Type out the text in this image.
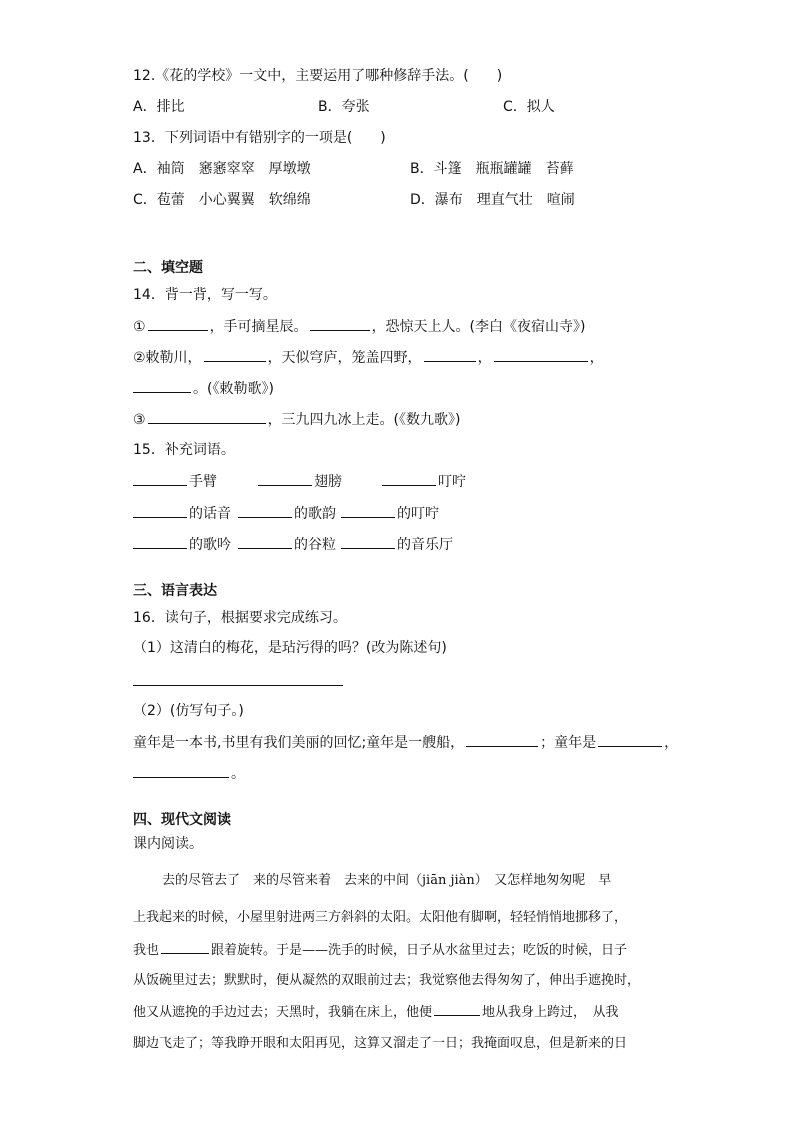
12.《花的学校》一文中，主要运用了哪种修辞手法。(　　)
A．排比	B．夸张	C．拟人
13．下列词语中有错别字的一项是(　　)
A．袖筒　窸窸窣窣　厚墩墩	B．斗篷　瓶瓶罐罐　苔藓
C．苞蕾　小心翼翼　软绵绵	D．瀑布　理直气壮　喧闹
二、填空题
14．背一背，写一写。
①	，手可摘星辰。	，恐惊天上人。(李白《夜宿山寺》)
②敕勒川，	，天似穹庐，笼盖四野，	，	，
。(《敕勒歌》)
③	，三九四九冰上走。(《数九歌》)
15．补充词语。
手臂	翅膀	叮咛
的话音	的歌韵	的叮咛
的歌吟	的谷粒	的音乐厅
三、语言表达
16．读句子，根据要求完成练习。
（1）这清白的梅花，是玷污得的吗？(改为陈述句)
（2）(仿写句子。)
童年是一本书,书里有我们美丽的回忆;童年是一艘船，	；童年是	，
。
四、现代文阅读
课内阅读。
去的尽管去了　来的尽管来着　去来的中间（jiān jiàn）　又怎样地匆匆呢　早
上我起来的时候，小屋里射进两三方斜斜的太阳。太阳他有脚啊，轻轻悄悄地挪移了，
我也	跟着旋转。于是——洗手的时候，日子从水盆里过去；吃饭的时候，日子
从饭碗里过去；默默时，便从凝然的双眼前过去；我觉察他去得匆匆了，伸出手遮挽时，
他又从遮挽的手边过去；天黑时，我躺在床上，他便	地从我身上跨过，　从我
脚边飞走了；等我睁开眼和太阳再见，这算又溜走了一日；我掩面叹息，但是新来的日
